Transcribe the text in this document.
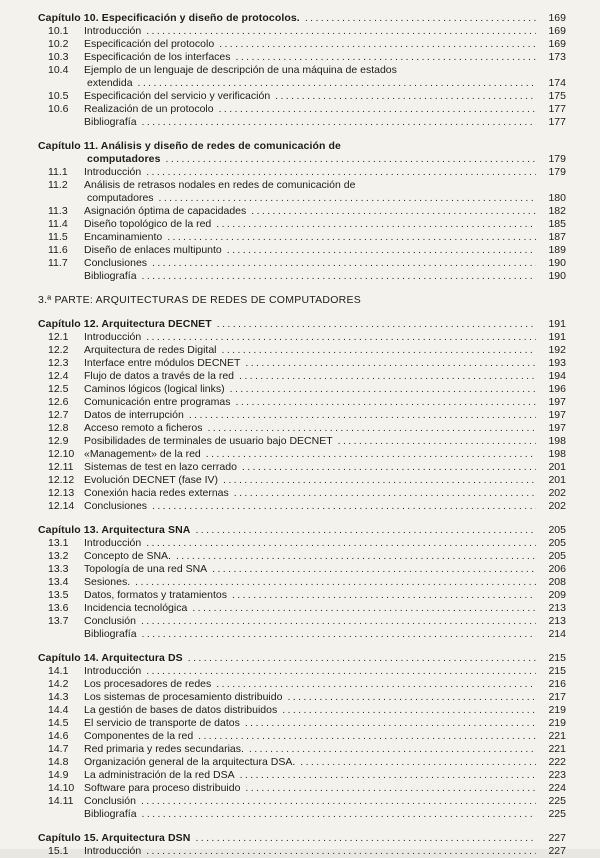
Capítulo 10. Especificación y diseño de protocolos. .....	169
10.1	Introducción .....	169
10.2	Especificación del protocolo .....	169
10.3	Especificación de los interfaces .....	173
10.4	Ejemplo de un lenguaje de descripción de una máquina de estados
extendida .....	174
10.5	Especificación del servicio y verificación .....	175
10.6	Realización de un protocolo .....	177
Bibliografía .....	177
Capítulo 11. Análisis y diseño de redes de comunicación de
computadores .....	179
11.1	Introducción .....	179
11.2	Análisis de retrasos nodales en redes de comunicación de
computadores .....	180
11.3	Asignación óptima de capacidades .....	182
11.4	Diseño topológico de la red .....	185
11.5	Encaminamiento .....	187
11.6	Diseño de enlaces multipunto .....	189
11.7	Conclusiones .....	190
Bibliografía .....	190
3.ª PARTE: ARQUITECTURAS DE REDES DE COMPUTADORES
Capítulo 12. Arquitectura DECNET .....	191
12.1	Introducción .....	191
12.2	Arquitectura de redes Digital .....	192
12.3	Interface entre módulos DECNET .....	193
12.4	Flujo de datos a través de la red .....	194
12.5	Caminos lógicos (logical links) .....	196
12.6	Comunicación entre programas .....	197
12.7	Datos de interrupción .....	197
12.8	Acceso remoto a ficheros .....	197
12.9	Posibilidades de terminales de usuario bajo DECNET .....	198
12.10 «Management» de la red .....	198
12.11	Sistemas de test en lazo cerrado .....	201
12.12 Evolución DECNET (fase IV) .....	201
12.13 Conexión hacia redes externas .....	202
12.14 Conclusiones .....	202
Capítulo 13. Arquitectura SNA .....	205
13.1	Introducción .....	205
13.2	Concepto de SNA. .....	205
13.3	Topología de una red SNA .....	206
13.4	Sesiones. .....	208
13.5	Datos, formatos y tratamientos .....	209
13.6	Incidencia tecnológica .....	213
13.7	Conclusión .....	213
Bibliografía .....	214
Capítulo 14. Arquitectura DS .....	215
14.1	Introducción .....	215
14.2	Los procesadores de redes .....	216
14.3	Los sistemas de procesamiento distribuido .....	217
14.4	La gestión de bases de datos distribuidos .....	219
14.5	El servicio de transporte de datos .....	219
14.6	Componentes de la red .....	221
14.7	Red primaria y redes secundarias. .....	221
14.8	Organización general de la arquitectura DSA. .....	222
14.9	La administración de la red DSA .....	223
14.10 Software para proceso distribuido .....	224
14.11	Conclusión .....	225
Bibliografía .....	225
Capítulo 15. Arquitectura DSN .....	227
15.1	Introducción .....	227
